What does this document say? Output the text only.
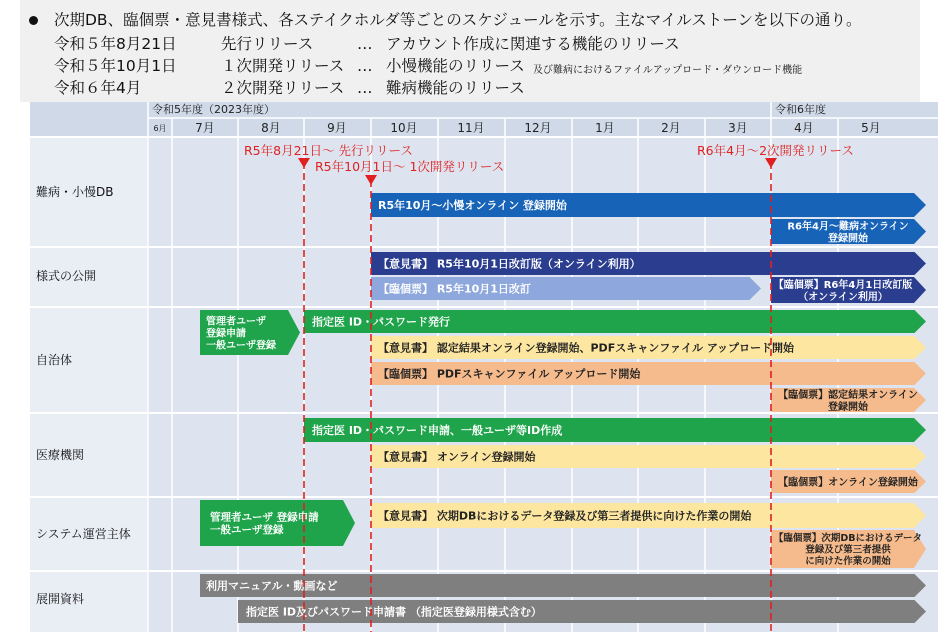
次期DB、臨個票・意見書様式、各ステイクホルダ等ごとのスケジュールを示す。主なマイルストーンを以下の通り。
令和５年8月21日	先行リリース	… アカウント作成に関連する機能のリリース
令和５年10月1日	１次開発リリース … 小慢機能のリリース 及び難病におけるファイルアップロード・ダウンロード機能
令和６年4月	２次開発リリース … 難病機能のリリース
令和5年度（2023年度）	令和6年度
6月 7月	8月	9月	10月	11月	12月	1月	2月	3月	4月	5月
難病・小慢DB
様式の公開
自治体
医療機関
システム運営主体
展開資料
R5年10月～小慢オンライン 登録開始
R6年4月～難病オンライン
登録開始
【意見書】 R5年10月1日改訂版（オンライン利用）
【臨個票】 R5年10月1日改訂	【臨個票】R6年4月1日改訂版
（オンライン利用）
管理者ユーザ
登録申請
一般ユーザ登録
指定医 ID・パスワード発行
【意見書】 認定結果オンライン登録開始、PDFスキャンファイル アップロード開始
【臨個票】 PDFスキャンファイル アップロード開始
【臨個票】認定結果オンライン
登録開始
指定医 ID・パスワード申請、一般ユーザ等ID作成
【意見書】 オンライン登録開始
【臨個票】オンライン登録開始
管理者ユーザ 登録申請
一般ユーザ登録
【意見書】 次期DBにおけるデータ登録及び第三者提供に向けた作業の開始
【臨個票】次期DBにおけるデータ
登録及び第三者提供
に向けた作業の開始
利用マニュアル・動画など
指定医 ID及びパスワード申請書 （指定医登録用様式含む）
R5年8月21日～ 先行リリース
R5年10月1日～ 1次開発リリース
R6年4月～2次開発リリース
